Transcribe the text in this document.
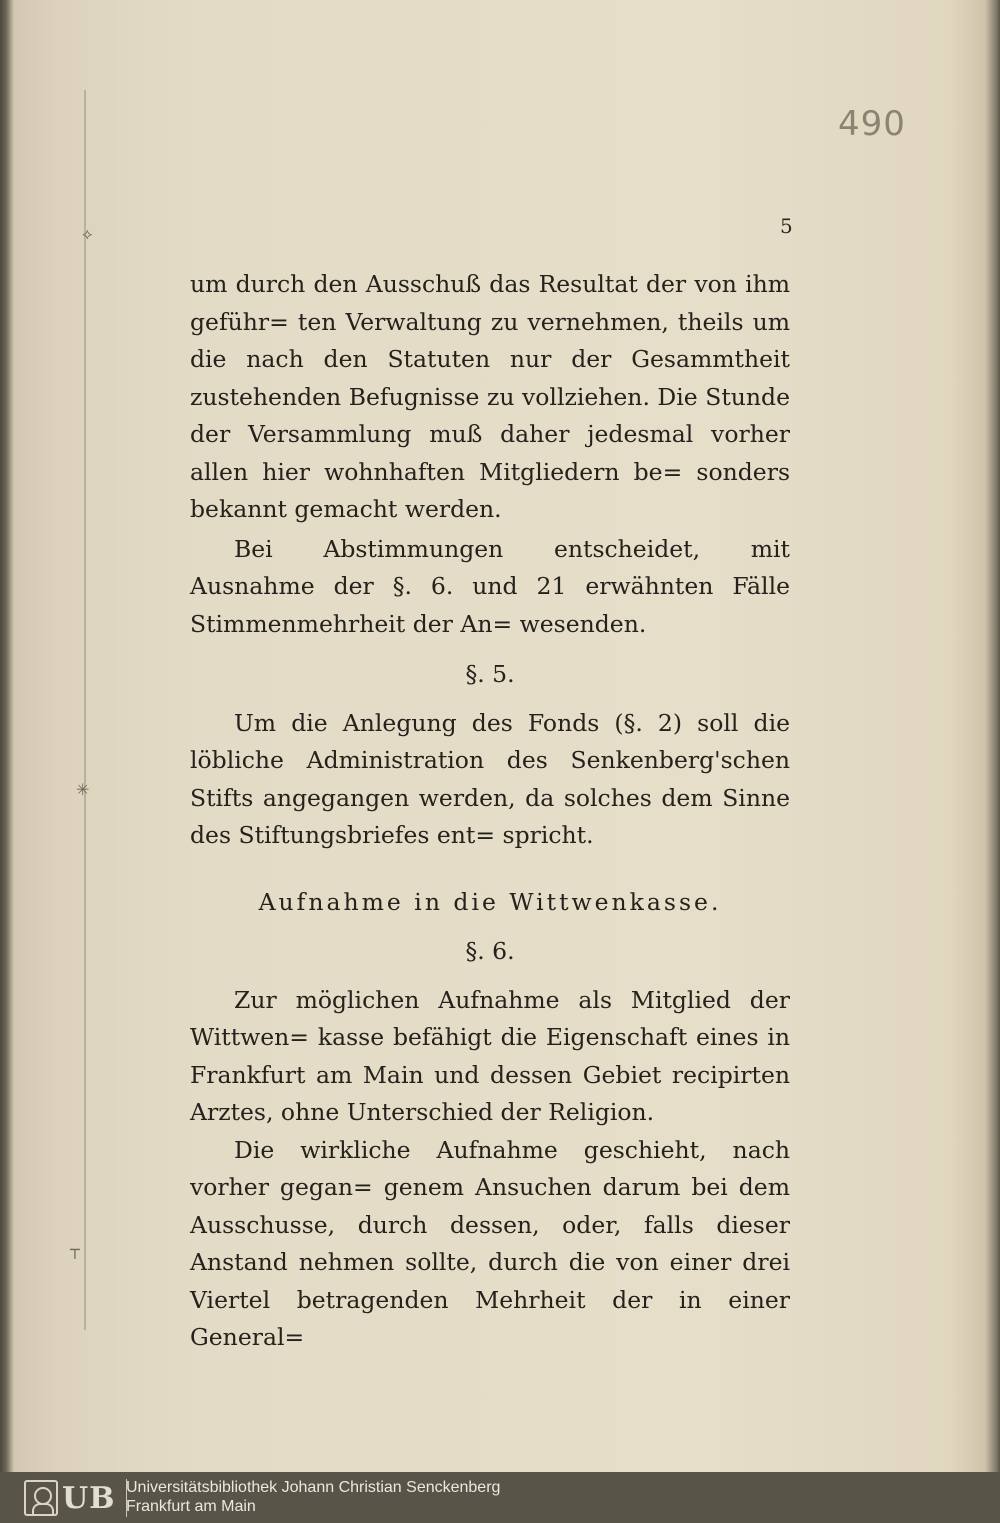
⟡
✳
┬
490
5

um durch den Ausschuß das Resultat der von ihm geführ= ten Verwaltung zu vernehmen, theils um die nach den Statuten nur der Gesammtheit zustehenden Befugnisse zu vollziehen. Die Stunde der Versammlung muß daher jedesmal vorher allen hier wohnhaften Mitgliedern be= sonders bekannt gemacht werden.

Bei Abstimmungen entscheidet, mit Ausnahme der §. 6. und 21 erwähnten Fälle Stimmenmehrheit der An= wesenden.

§. 5.

Um die Anlegung des Fonds (§. 2) soll die löbliche Administration des Senkenberg'schen Stifts angegangen werden, da solches dem Sinne des Stiftungsbriefes ent= spricht.

Aufnahme in die Wittwenkasse.

§. 6.

Zur möglichen Aufnahme als Mitglied der Wittwen= kasse befähigt die Eigenschaft eines in Frankfurt am Main und dessen Gebiet recipirten Arztes, ohne Unterschied der Religion.

Die wirkliche Aufnahme geschieht, nach vorher gegan= genem Ansuchen darum bei dem Ausschusse, durch dessen, oder, falls dieser Anstand nehmen sollte, durch die von einer drei Viertel betragenden Mehrheit der in einer General=

UB Universitätsbibliothek Johann Christian Senckenberg
Frankfurt am Main
